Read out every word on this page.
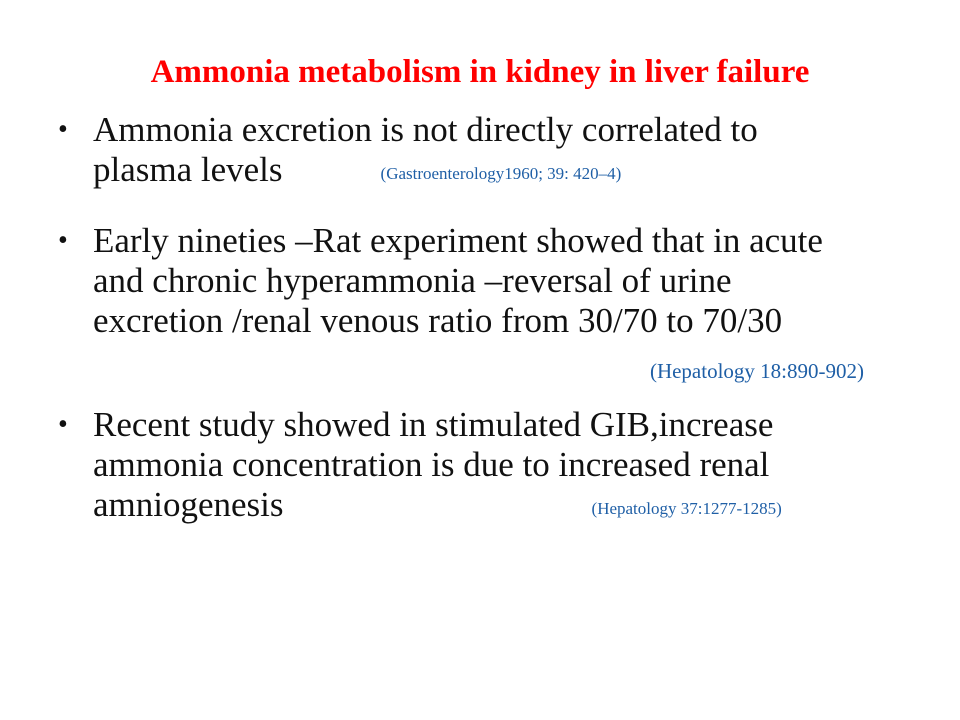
Ammonia metabolism in kidney in liver failure
• Ammonia excretion is not directly correlated to
plasma levels	(Gastroenterology1960; 39: 420–4)
• Early nineties –Rat experiment showed that in acute
and chronic hyperammonia –reversal of urine
excretion /renal venous ratio from 30/70 to 70/30
(Hepatology 18:890-902)
• Recent study showed in stimulated GIB,increase
ammonia concentration is due to increased renal
amniogenesis	(Hepatology 37:1277-1285)
